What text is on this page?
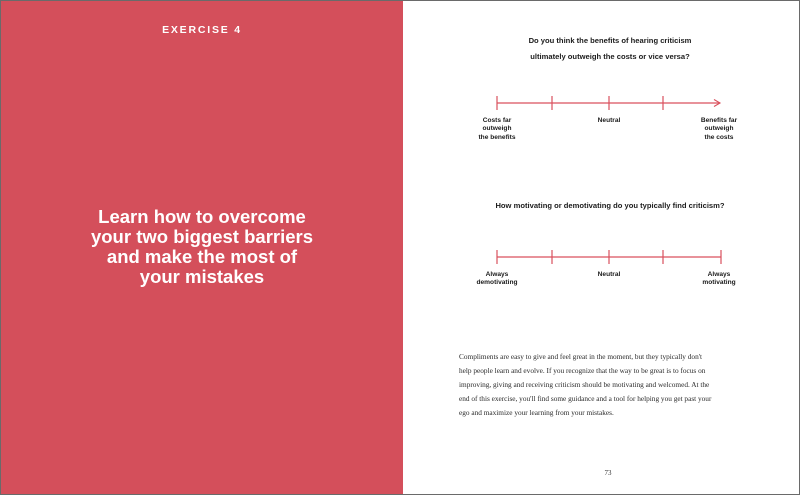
EXERCISE 4
Learn how to overcome
your two biggest barriers
and make the most of
your mistakes
Do you think the benefits of hearing criticism
ultimately outweigh the costs or vice versa?
Costs far
outweigh
the benefits
Neutral	Benefits far
outweigh
the costs
How motivating or demotivating do you typically find criticism?
Always
demotivating
Neutral	Always
motivating
Compliments are easy to give and feel great in the moment, but they typically don't
help people learn and evolve. If you recognize that the way to be great is to focus on
improving, giving and receiving criticism should be motivating and welcomed. At the
end of this exercise, you'll find some guidance and a tool for helping you get past your
ego and maximize your learning from your mistakes.
73
